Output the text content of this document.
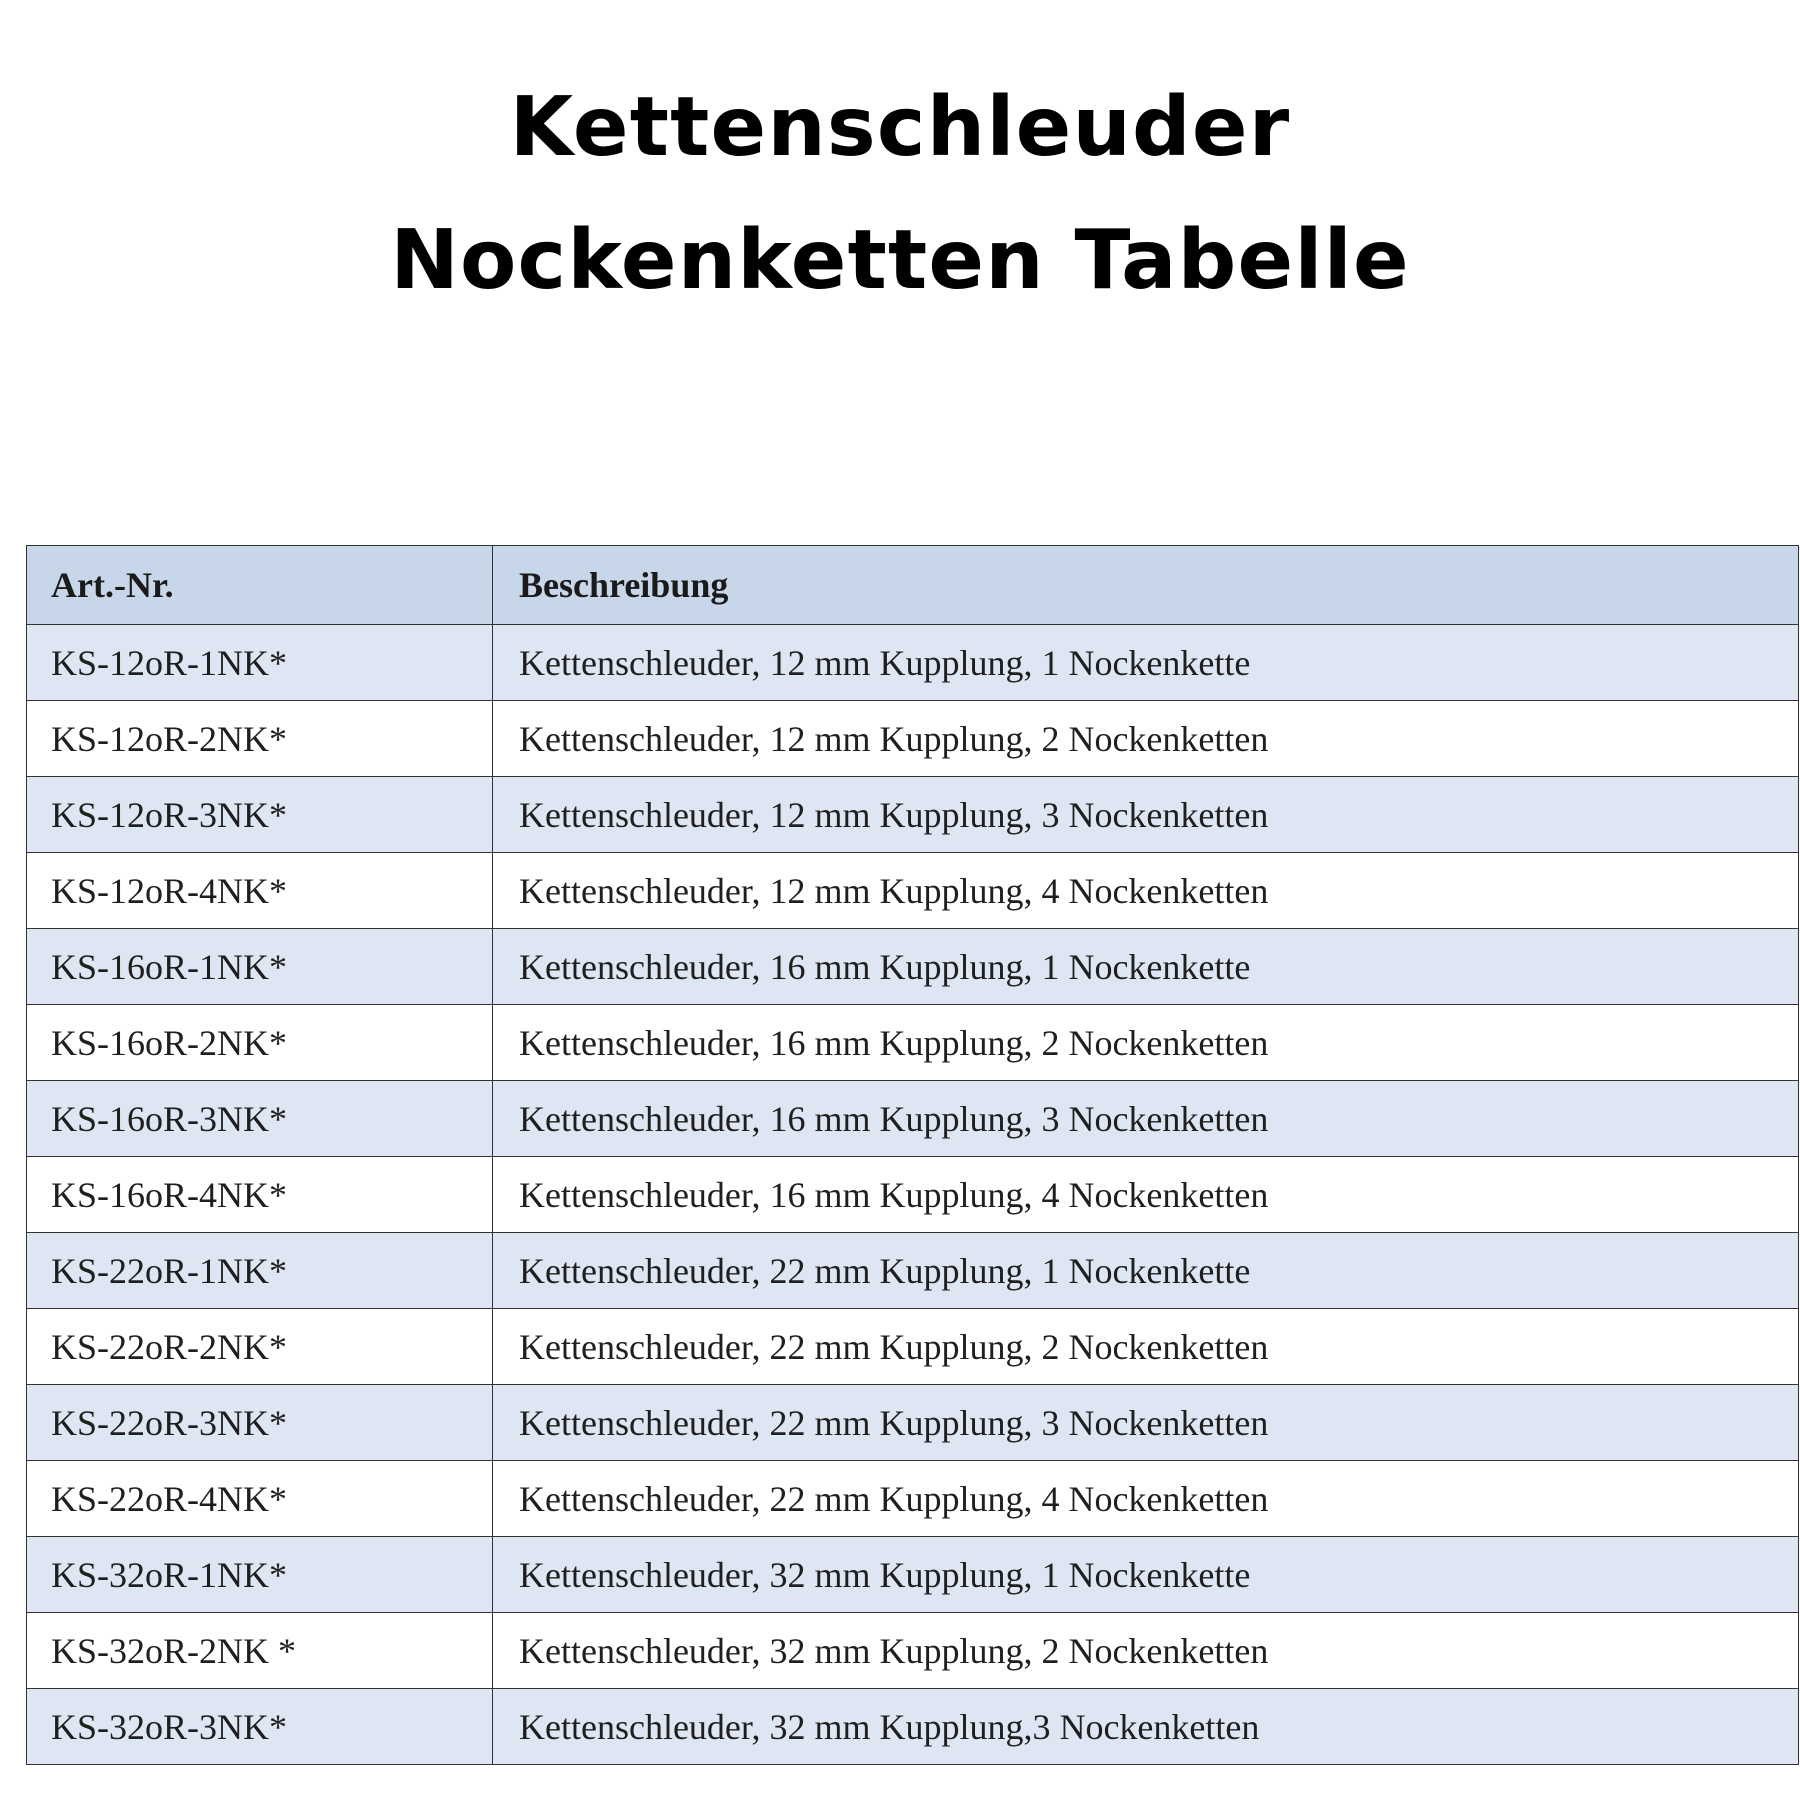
Kettenschleuder
Nockenketten Tabelle
Art.-Nr.	Beschreibung

KS-12oR-1NK*	Kettenschleuder, 12 mm Kupplung, 1 Nockenkette

KS-12oR-2NK*	Kettenschleuder, 12 mm Kupplung, 2 Nockenketten

KS-12oR-3NK*	Kettenschleuder, 12 mm Kupplung, 3 Nockenketten

KS-12oR-4NK*	Kettenschleuder, 12 mm Kupplung, 4 Nockenketten

KS-16oR-1NK*	Kettenschleuder, 16 mm Kupplung, 1 Nockenkette

KS-16oR-2NK*	Kettenschleuder, 16 mm Kupplung, 2 Nockenketten

KS-16oR-3NK*	Kettenschleuder, 16 mm Kupplung, 3 Nockenketten

KS-16oR-4NK*	Kettenschleuder, 16 mm Kupplung, 4 Nockenketten

KS-22oR-1NK*	Kettenschleuder, 22 mm Kupplung, 1 Nockenkette

KS-22oR-2NK*	Kettenschleuder, 22 mm Kupplung, 2 Nockenketten

KS-22oR-3NK*	Kettenschleuder, 22 mm Kupplung, 3 Nockenketten

KS-22oR-4NK*	Kettenschleuder, 22 mm Kupplung, 4 Nockenketten

KS-32oR-1NK*	Kettenschleuder, 32 mm Kupplung, 1 Nockenkette

KS-32oR-2NK *	Kettenschleuder, 32 mm Kupplung, 2 Nockenketten

KS-32oR-3NK*	Kettenschleuder, 32 mm Kupplung,3 Nockenketten
